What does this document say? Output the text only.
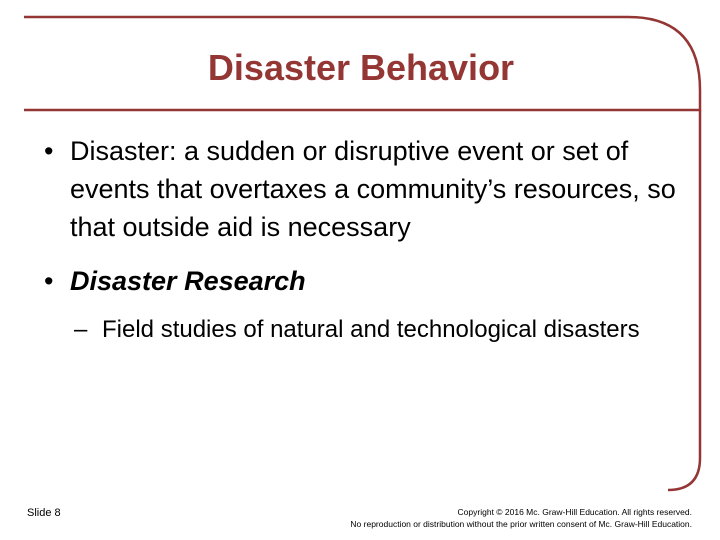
Disaster Behavior
• Disaster: a sudden or disruptive event or set of events that overtaxes a community’s resources, so that outside aid is necessary
• Disaster Research
– Field studies of natural and technological disasters
Slide 8	Copyright © 2016 Mc. Graw-Hill Education. All rights reserved.
No reproduction or distribution without the prior written consent of Mc. Graw-Hill Education.
